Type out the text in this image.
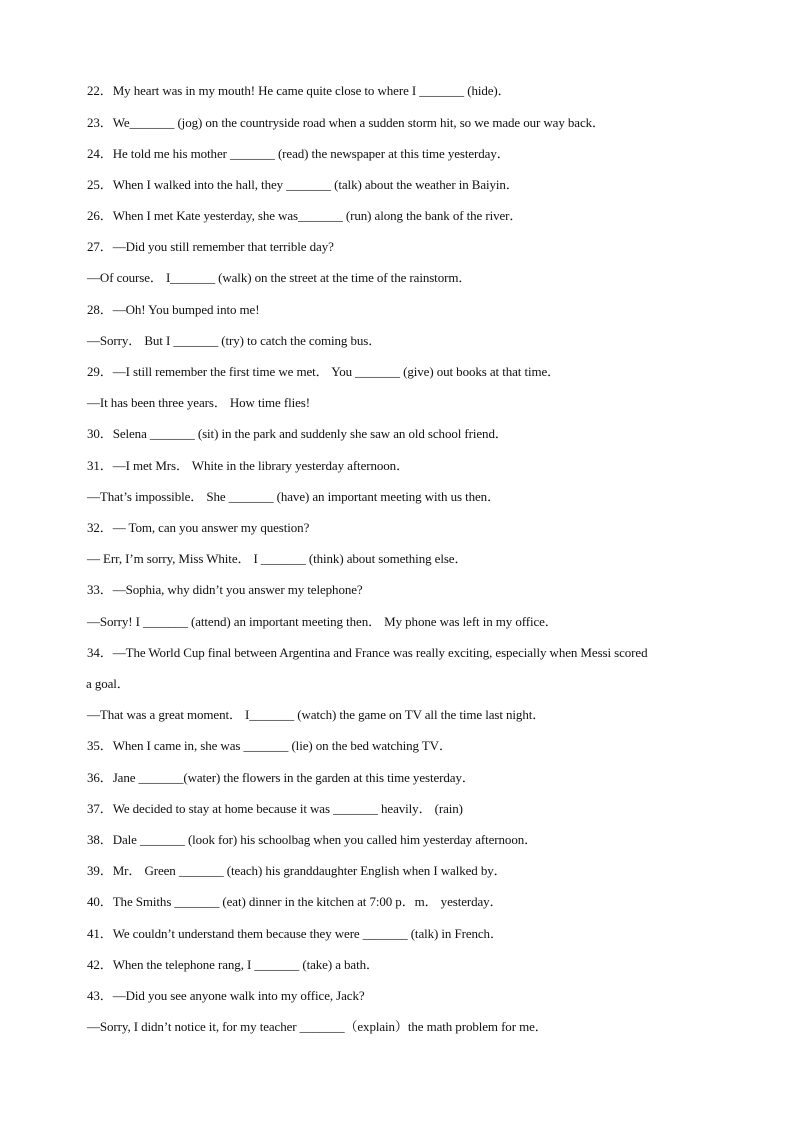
22．My heart was in my mouth! He came quite close to where I _______ (hide)．
23．We_______ (jog) on the countryside road when a sudden storm hit, so we made our way back．
24．He told me his mother _______ (read) the newspaper at this time yesterday．
25．When I walked into the hall, they _______ (talk) about the weather in Baiyin．
26．When I met Kate yesterday, she was_______ (run) along the bank of the river．
27．—Did you still remember that terrible day?
—Of course． I_______ (walk) on the street at the time of the rainstorm．
28．—Oh! You bumped into me!
—Sorry． But I _______ (try) to catch the coming bus．
29．—I still remember the first time we met． You _______ (give) out books at that time．
—It has been three years． How time flies!
30．Selena _______ (sit) in the park and suddenly she saw an old school friend．
31．—I met Mrs． White in the library yesterday afternoon．
—That’s impossible． She _______ (have) an important meeting with us then．
32．— Tom, can you answer my question?
— Err, I’m sorry, Miss White． I _______ (think) about something else．
33．—Sophia, why didn’t you answer my telephone?
—Sorry! I _______ (attend) an important meeting then． My phone was left in my office．
34．—The World Cup final between Argentina and France was really exciting, especially when Messi scored
a goal．
—That was a great moment． I_______ (watch) the game on TV all the time last night．
35．When I came in, she was _______ (lie) on the bed watching TV．
36．Jane _______(water) the flowers in the garden at this time yesterday．
37．We decided to stay at home because it was _______ heavily． (rain)
38．Dale _______ (look for) his schoolbag when you called him yesterday afternoon．
39．Mr． Green _______ (teach) his granddaughter English when I walked by．
40．The Smiths _______ (eat) dinner in the kitchen at 7:00 p．m． yesterday．
41．We couldn’t understand them because they were _______ (talk) in French．
42．When the telephone rang, I _______ (take) a bath．
43．—Did you see anyone walk into my office, Jack?
—Sorry, I didn’t notice it, for my teacher _______（explain）the math problem for me．
